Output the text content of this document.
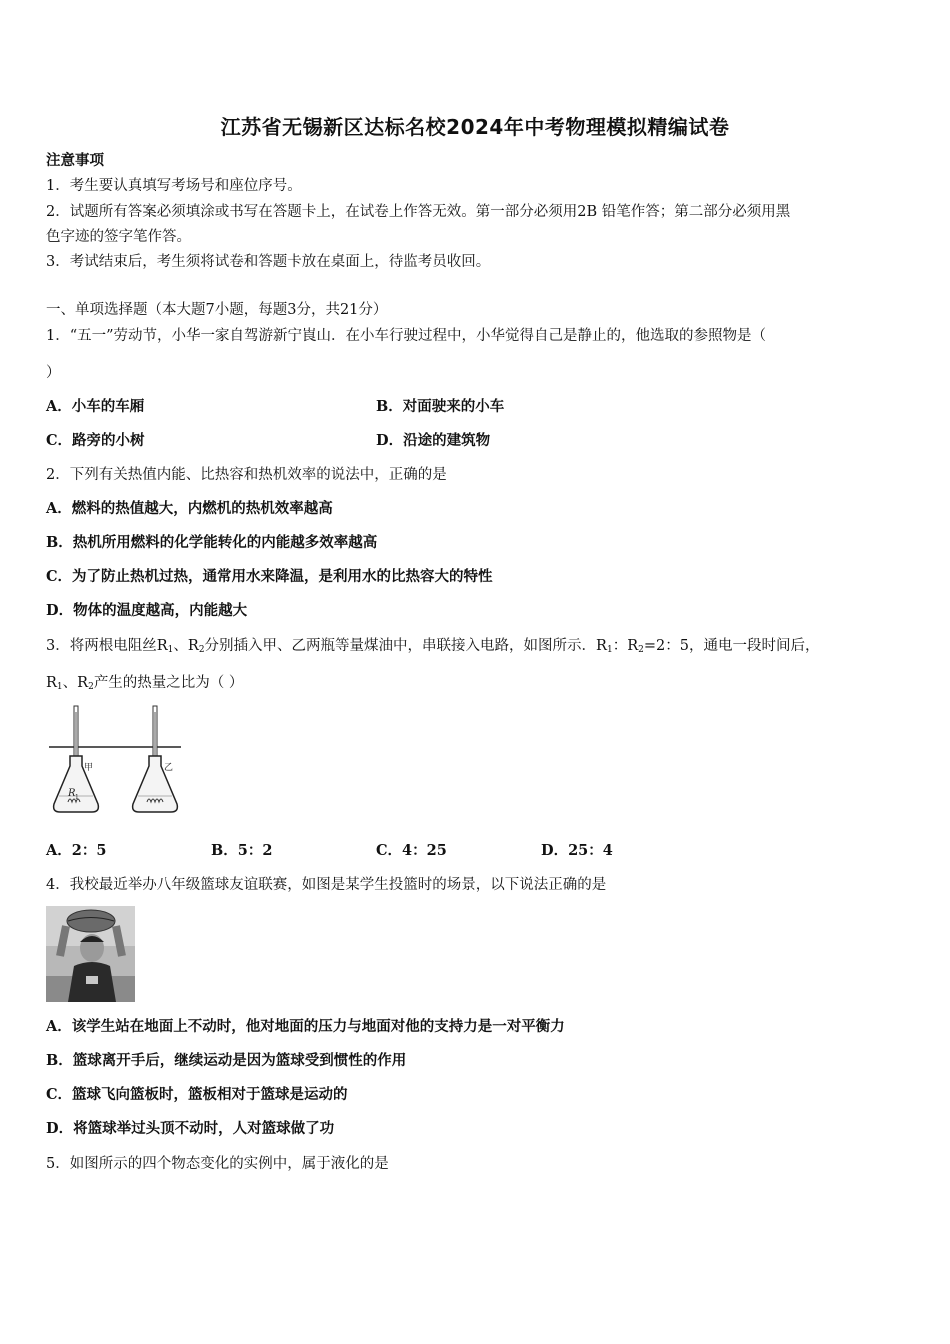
江苏省无锡新区达标名校2024年中考物理模拟精编试卷
注意事项
1．考生要认真填写考场号和座位序号。
2．试题所有答案必须填涂或书写在答题卡上，在试卷上作答无效。第一部分必须用2B 铅笔作答；第二部分必须用黑
色字迹的签字笔作答。
3．考试结束后，考生须将试卷和答题卡放在桌面上，待监考员收回。
一、单项选择题（本大题7小题，每题3分，共21分）
1．“五一”劳动节，小华一家自驾游新宁崀山．在小车行驶过程中，小华觉得自己是静止的，他选取的参照物是（
）
A．小车的车厢	B．对面驶来的小车
C．路旁的小树	D．沿途的建筑物
2．下列有关热值内能、比热容和热机效率的说法中，正确的是
A．燃料的热值越大，内燃机的热机效率越高
B．热机所用燃料的化学能转化的内能越多效率越高
C．为了防止热机过热，通常用水来降温，是利用水的比热容大的特性
D．物体的温度越高，内能越大
3．将两根电阻丝$R_1$、$R_2$分别插入甲、乙两瓶等量煤油中，串联接入电路，如图所示．$R_1$：$R_2=2$：5，通电一段时间后，
$R_1$、$R_2$产生的热量之比为（ ）
甲
R 1
乙
A．2：5	B．5：2	C．4：25	D．25：4
4．我校最近举办八年级篮球友谊联赛，如图是某学生投篮时的场景，以下说法正确的是
A．该学生站在地面上不动时，他对地面的压力与地面对他的支持力是一对平衡力
B．篮球离开手后，继续运动是因为篮球受到惯性的作用
C．篮球飞向篮板时，篮板相对于篮球是运动的
D．将篮球举过头顶不动时，人对篮球做了功
5．如图所示的四个物态变化的实例中，属于液化的是
